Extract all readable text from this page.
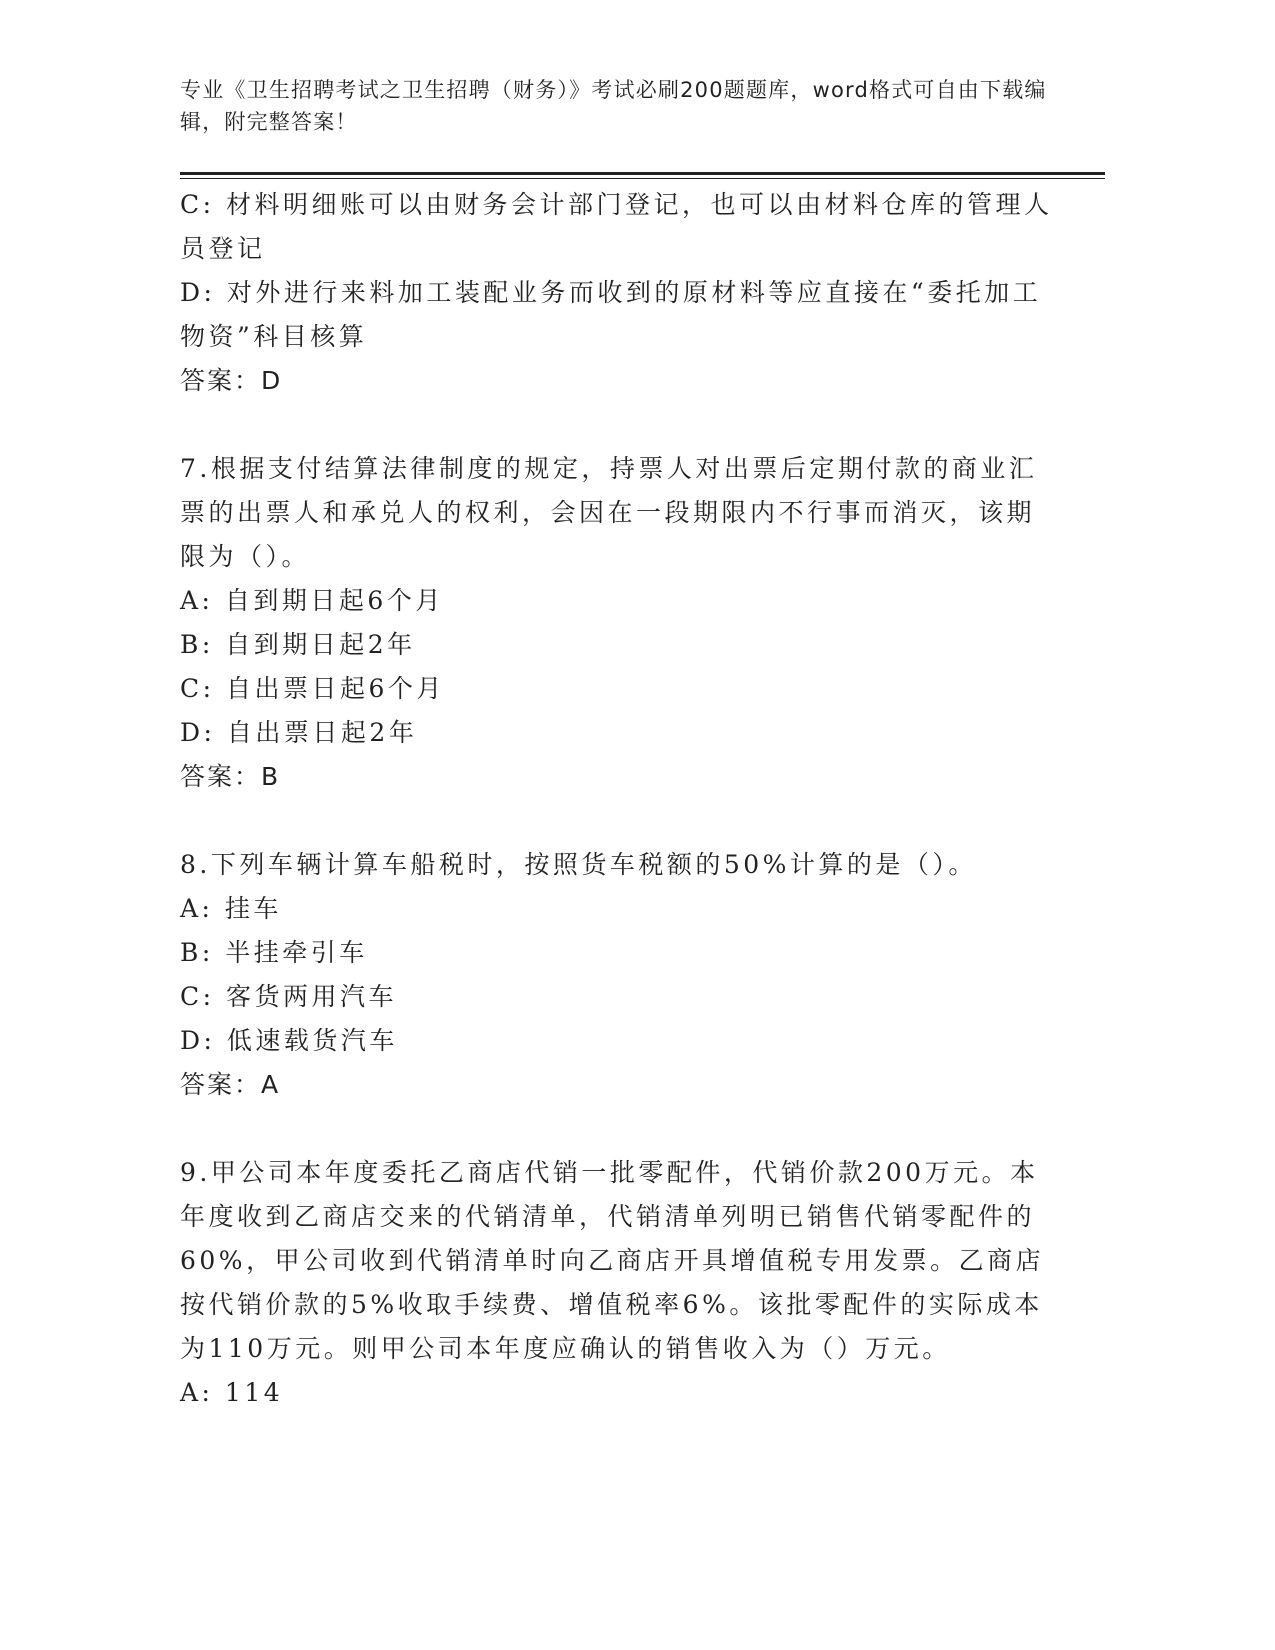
专业《卫生招聘考试之卫生招聘（财务）》考试必刷200题题库，word格式可自由下载编辑，附完整答案！

C: 材料明细账可以由财务会计部门登记，也可以由材料仓库的管理人员登记

D: 对外进行来料加工装配业务而收到的原材料等应直接在“委托加工物资”科目核算

答案：D

7.根据支付结算法律制度的规定，持票人对出票后定期付款的商业汇票的出票人和承兑人的权利，会因在一段期限内不行事而消灭，该期限为（）。

A: 自到期日起6个月

B: 自到期日起2年

C: 自出票日起6个月

D: 自出票日起2年

答案：B

8.下列车辆计算车船税时，按照货车税额的50%计算的是（）。

A: 挂车

B: 半挂牵引车

C: 客货两用汽车

D: 低速载货汽车

答案：A

9.甲公司本年度委托乙商店代销一批零配件，代销价款200万元。本年度收到乙商店交来的代销清单，代销清单列明已销售代销零配件的60%，甲公司收到代销清单时向乙商店开具增值税专用发票。乙商店按代销价款的5%收取手续费、增值税率6%。该批零配件的实际成本为110万元。则甲公司本年度应确认的销售收入为（）万元。

A: 114
